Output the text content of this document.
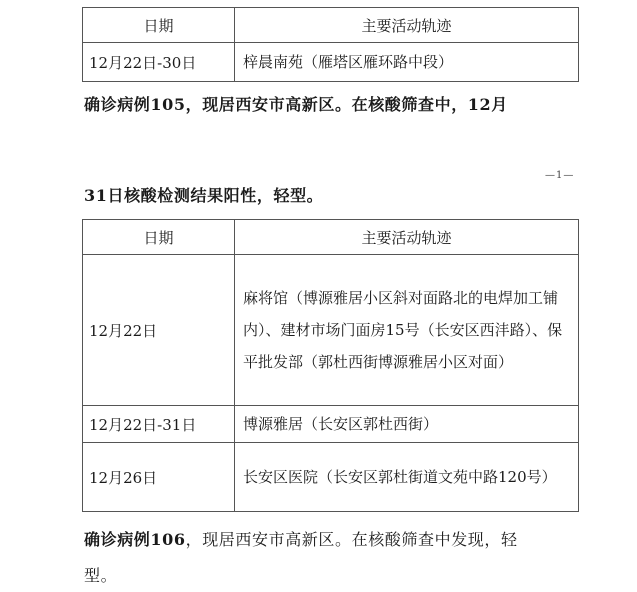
日期	主要活动轨迹
12月22日-30日	梓晨南苑（雁塔区雁环路中段）
确诊病例105，现居西安市高新区。在核酸筛查中，12月
—1—
31日核酸检测结果阳性，轻型。
日期	主要活动轨迹
12月22日	麻将馆（博源雅居小区斜对面路北的电焊加工铺内）、建材市场门面房15号（长安区西沣路）、保平批发部（郭杜西街博源雅居小区对面）
12月22日-31日	博源雅居（长安区郭杜西街）
12月26日	长安区医院（长安区郭杜街道文苑中路120号）
确诊病例106，现居西安市高新区。在核酸筛查中发现，轻
型。
